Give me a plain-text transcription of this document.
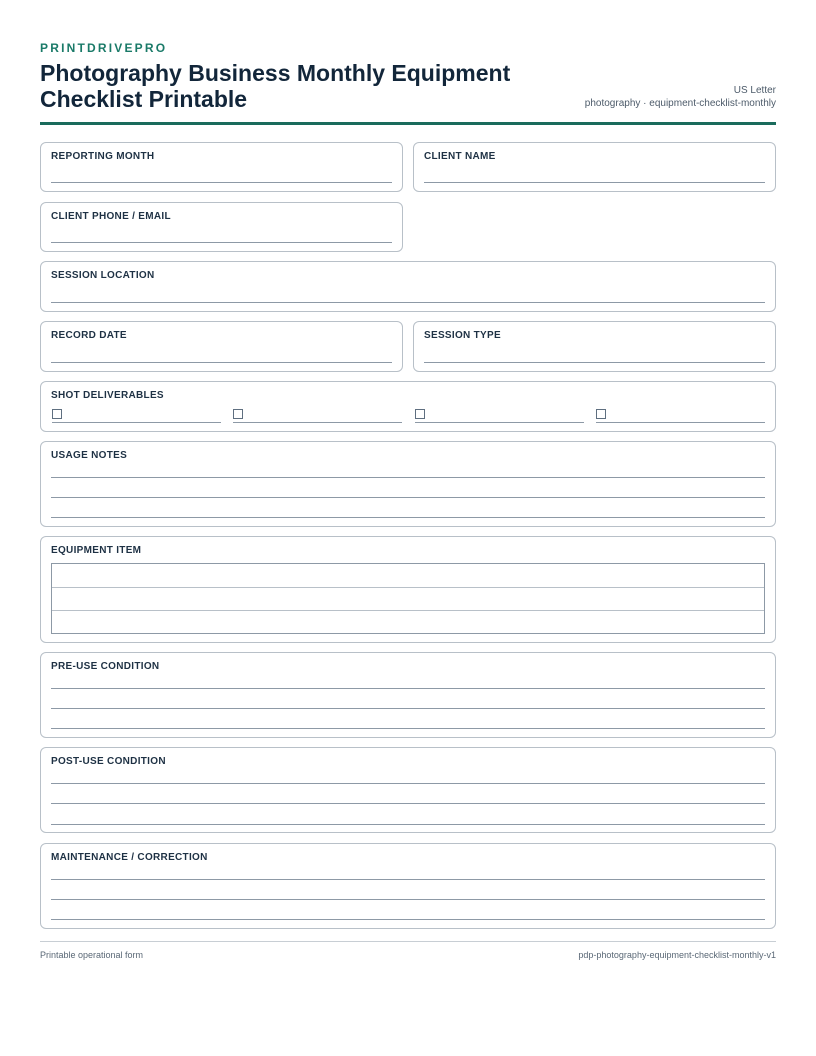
PRINTDRIVEPRO
Photography Business Monthly Equipment Checklist Printable	US Letter
photography · equipment-checklist-monthly
REPORTING MONTH	CLIENT NAME
CLIENT PHONE / EMAIL
SESSION LOCATION
RECORD DATE	SESSION TYPE
SHOT DELIVERABLES
USAGE NOTES
EQUIPMENT ITEM
PRE-USE CONDITION
POST-USE CONDITION
MAINTENANCE / CORRECTION
Printable operational form	pdp-photography-equipment-checklist-monthly-v1
